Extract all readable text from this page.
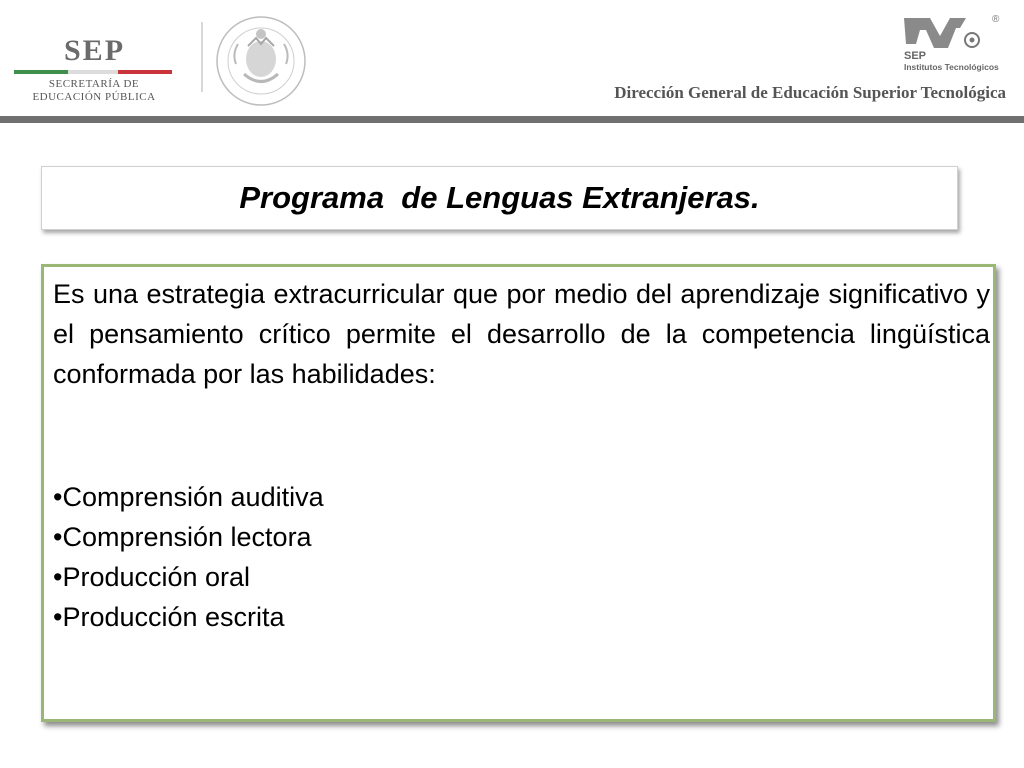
SEP
SECRETARÍA DE
EDUCACIÓN PÚBLICA
SEP
Institutos Tecnológicos
®
Dirección General de Educación Superior Tecnológica
Programa  de Lenguas Extranjeras.

Es una estrategia extracurricular que por medio del aprendizaje significativo y el pensamiento crítico permite el desarrollo de la competencia lingüística conformada por las habilidades:

•Comprensión auditiva
•Comprensión lectora
•Producción oral
•Producción escrita
